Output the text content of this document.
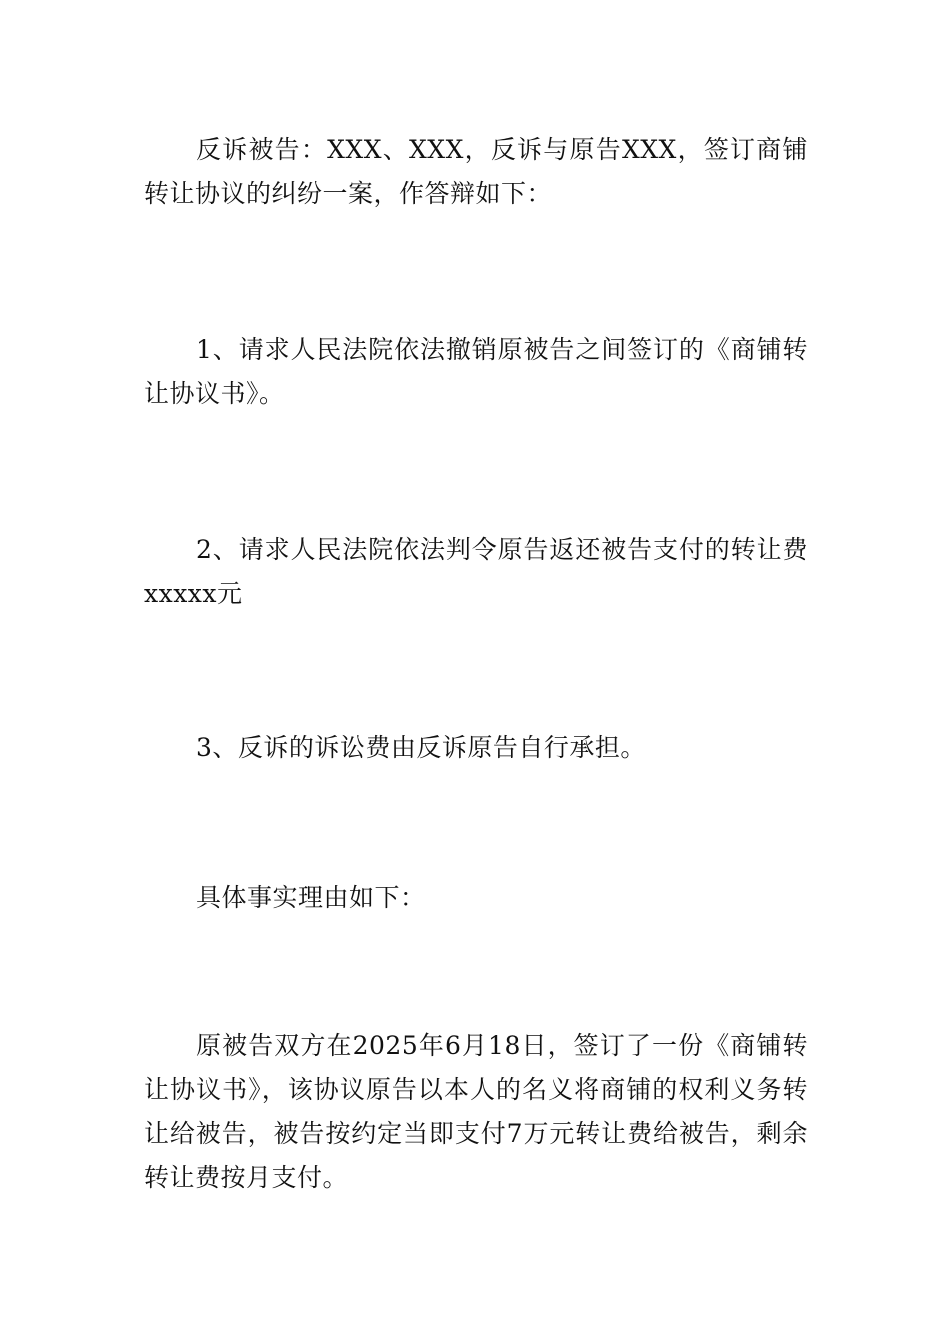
反诉被告：XXX、XXX，反诉与原告XXX，签订商铺转让协议的纠纷一案，作答辩如下：

1、请求人民法院依法撤销原被告之间签订的《商铺转让协议书》。

2、请求人民法院依法判令原告返还被告支付的转让费xxxxx元

3、反诉的诉讼费由反诉原告自行承担。

具体事实理由如下：

原被告双方在2025年6月18日，签订了一份《商铺转让协议书》，该协议原告以本人的名义将商铺的权利义务转让给被告，被告按约定当即支付7万元转让费给被告，剩余转让费按月支付。
